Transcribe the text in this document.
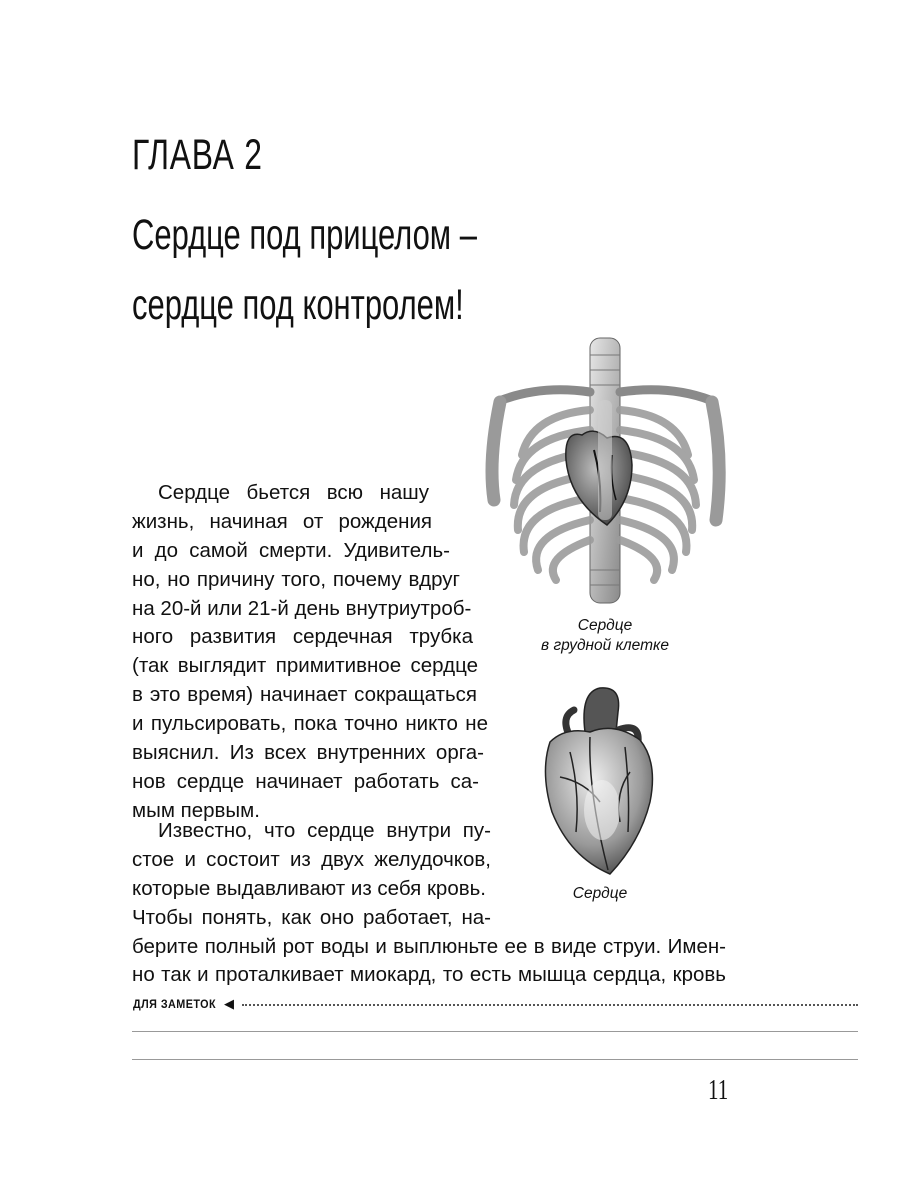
ГЛАВА 2
Сердце под прицелом –
сердце под контролем!
Сердце
в грудной клетке
Сердце
Сердце бьется всю нашу
жизнь, начиная от рождения
и до самой смерти. Удивитель-
но, но причину того, почему вдруг
на 20-й или 21-й день внутриутроб-
ного развития сердечная трубка
(так выглядит примитивное сердце
в это время) начинает сокращаться
и пульсировать, пока точно никто не
выяснил. Из всех внутренних орга-
нов сердце начинает работать са-
мым первым.
Известно, что сердце внутри пу-
стое и состоит из двух желудочков,
которые выдавливают из себя кровь.
Чтобы понять, как оно работает, на-
берите полный рот воды и выплюньте ее в виде струи. Имен-
но так и проталкивает миокард, то есть мышца сердца, кровь
ДЛЯ ЗАМЕТОК ◀
11
